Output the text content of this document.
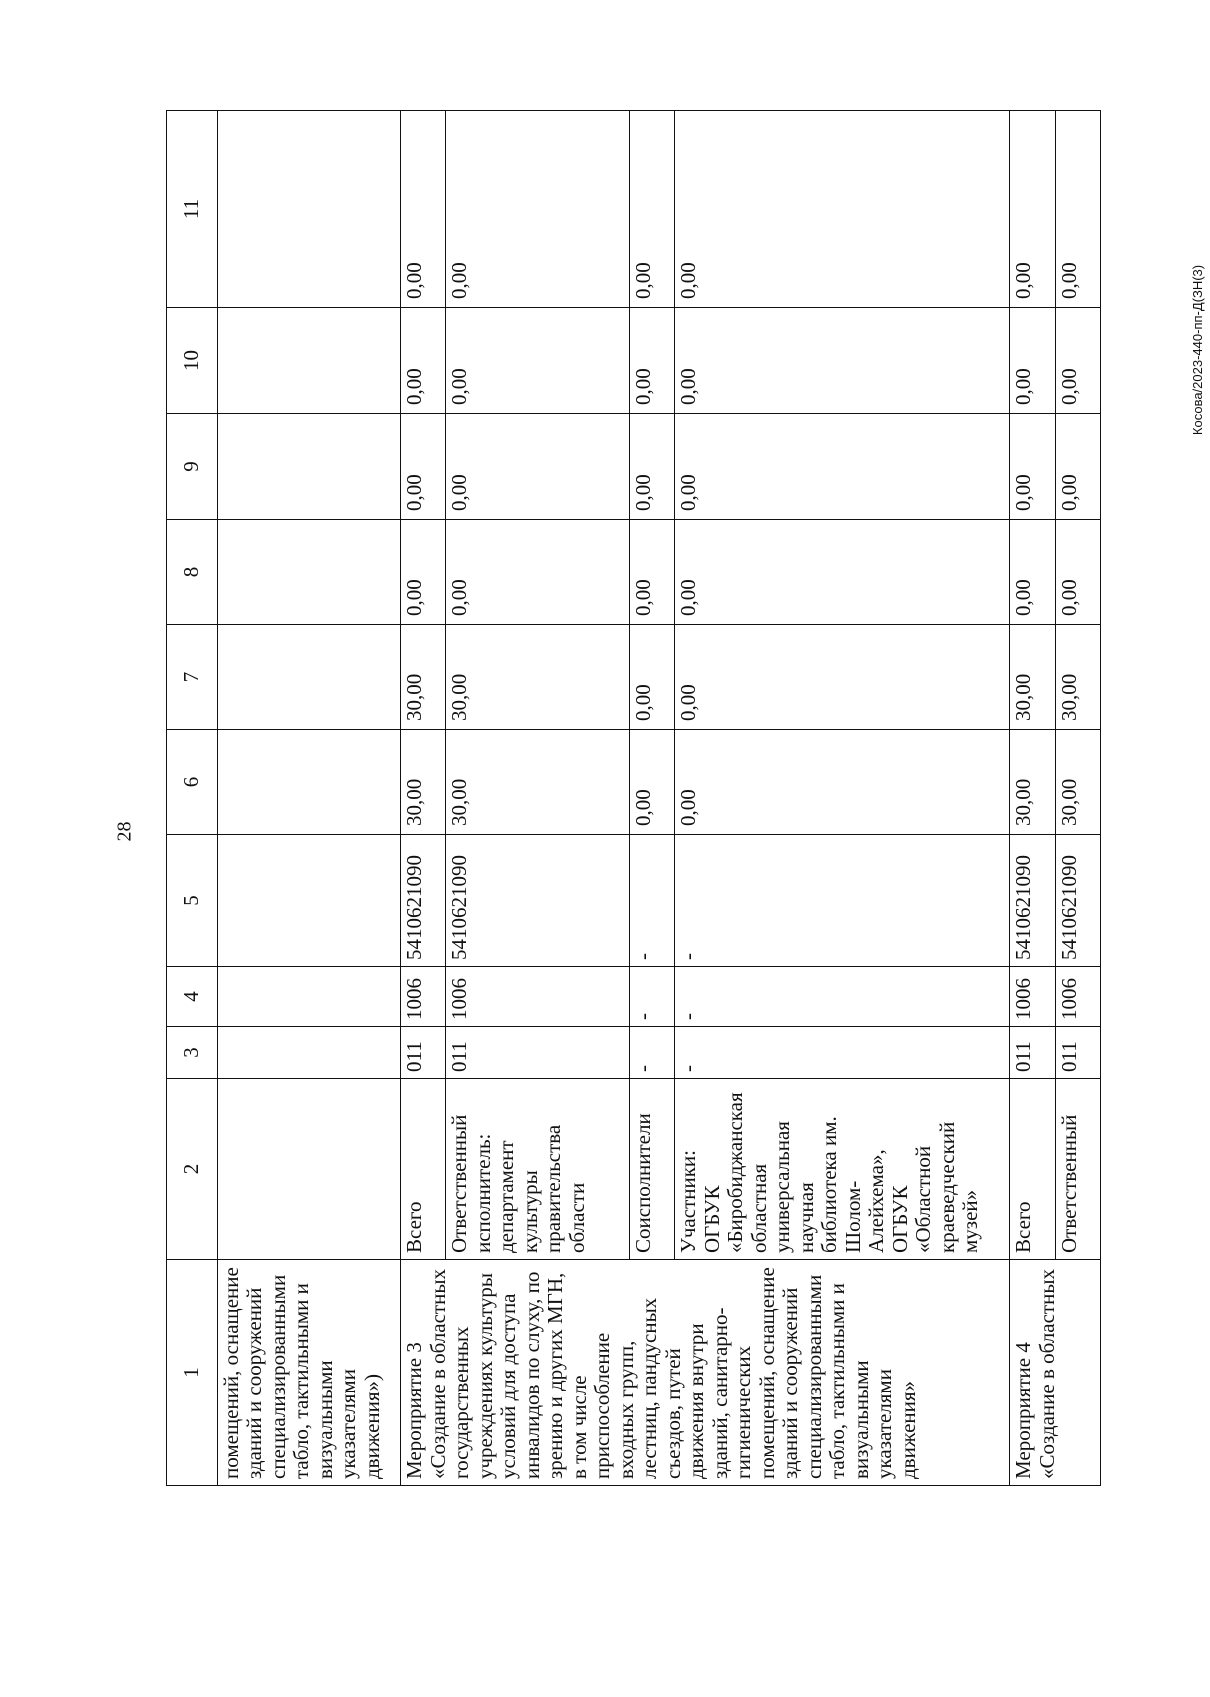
28
Косова/2023-440-пп-Д(ЗН(3)
1	2	3	4	5	6	7	8	9	10	11
помещений, оснащение зданий и сооружений специализированными табло, тактильными и визуальными указателями движения»)										
Мероприятие 3 «Создание в областных государственных учреждениях культуры условий для доступа инвалидов по слуху, по зрению и других МГН, в том числе приспособление входных групп, лестниц, пандусных съездов, путей движения внутри зданий, санитарно-гигиенических помещений, оснащение зданий и сооружений специализированными табло, тактильными и визуальными указателями движения»	Всего	011	1006	5410621090	30,00	30,00	0,00	0,00	0,00	0,00
	Ответственный исполнитель: департамент культуры правительства области	011	1006	5410621090	30,00	30,00	0,00	0,00	0,00	0,00
	Соисполнители	-	-	-	0,00	0,00	0,00	0,00	0,00	0,00
	Участники: ОГБУК «Биробиджанская областная универсальная научная библиотека им. Шолом-Алейхема», ОГБУК «Областной краеведческий музей»	-	-	-	0,00	0,00	0,00	0,00	0,00	0,00
Мероприятие 4 «Создание в областных	Всего	011	1006	5410621090	30,00	30,00	0,00	0,00	0,00	0,00
	Ответственный	011	1006	5410621090	30,00	30,00	0,00	0,00	0,00	0,00
